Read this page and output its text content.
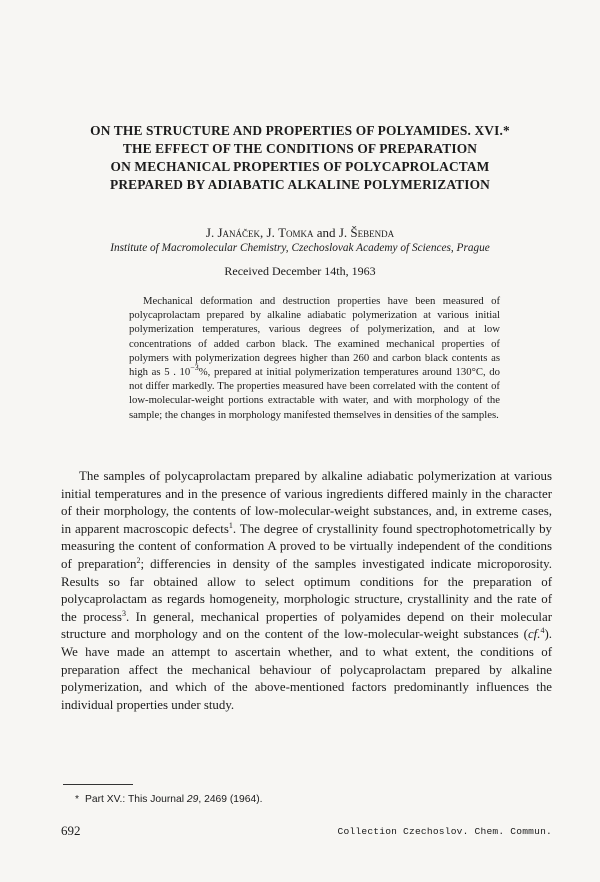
ON THE STRUCTURE AND PROPERTIES OF POLYAMIDES. XVI.*
THE EFFECT OF THE CONDITIONS OF PREPARATION
ON MECHANICAL PROPERTIES OF POLYCAPROLACTAM
PREPARED BY ADIABATIC ALKALINE POLYMERIZATION
J. Janáček, J. Tomka and J. Šebenda
Institute of Macromolecular Chemistry, Czechoslovak Academy of Sciences, Prague
Received December 14th, 1963

Mechanical deformation and destruction properties have been measured of polycaprolactam prepared by alkaline adiabatic polymerization at various initial polymerization temperatures, various degrees of polymerization, and at low concentrations of added carbon black. The examined mechanical properties of polymers with polymerization degrees higher than 260 and carbon black contents as high as 5 . $10^{-3}\%$, prepared at initial polymerization temperatures around 130°C, do not differ markedly. The properties measured have been correlated with the content of low-molecular-weight portions extractable with water, and with morphology of the sample; the changes in morphology manifested themselves in densities of the samples.

The samples of polycaprolactam prepared by alkaline adiabatic polymerization at various initial temperatures and in the presence of various ingredients differed mainly in the character of their morphology, the contents of low-molecular-weight substances, and, in extreme cases, in apparent macroscopic defects$^1$. The degree of crystallinity found spectrophotometrically by measuring the content of conformation A proved to be virtually independent of the conditions of preparation$^2$; differencies in density of the samples investigated indicate microporosity. Results so far obtained allow to select optimum conditions for the preparation of polycaprolactam as regards homogeneity, morphologic structure, crystallinity and the rate of the process$^3$. In general, mechanical properties of polyamides depend on their molecular structure and morphology and on the content of the low-molecular-weight substances (cf.$^4$). We have made an attempt to ascertain whether, and to what extent, the conditions of preparation affect the mechanical behaviour of polycaprolactam prepared by alkaline polymerization, and which of the above-mentioned factors predominantly influences the individual properties under study.

* Part XV.: This Journal 29, 2469 (1964).
692	Collection Czechoslov. Chem. Commun.
